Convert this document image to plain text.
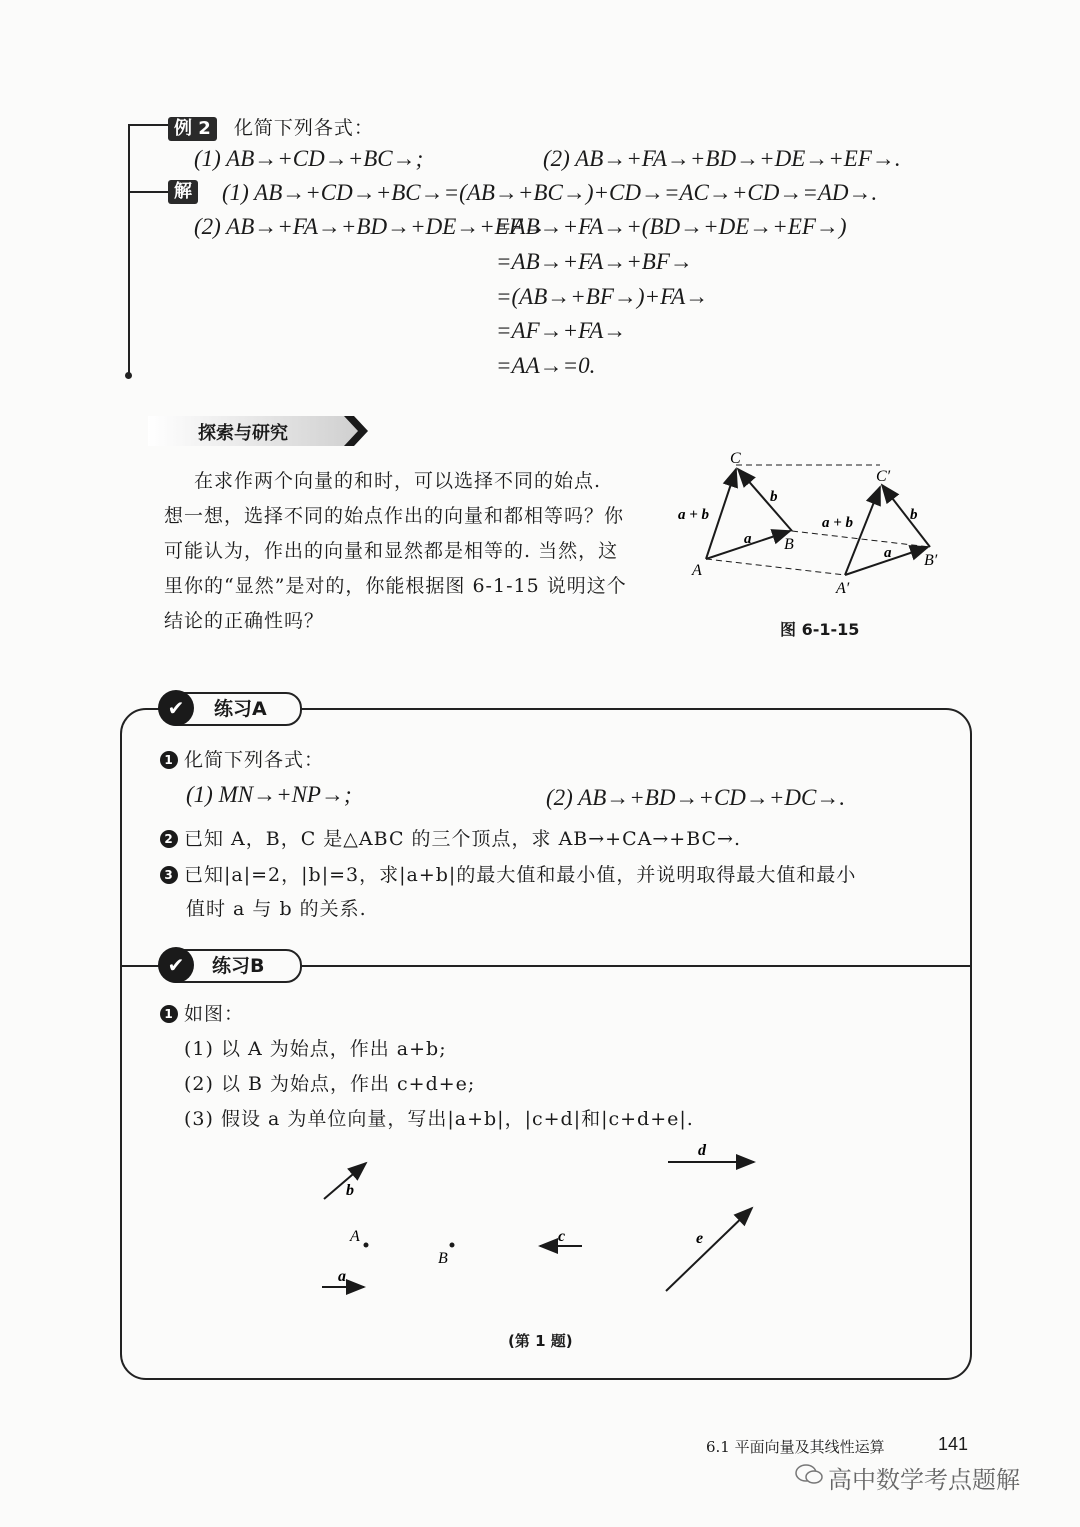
例 2 化简下列各式：
(1) AB→+CD→+BC→;	(2) AB→+FA→+BD→+DE→+EF→.
解 (1) AB→+CD→+BC→=(AB→+BC→)+CD→=AC→+CD→=AD→.
(2) AB→+FA→+BD→+DE→+EF→
=AB→+FA→+(BD→+DE→+EF→)
=AB→+FA→+BF→
=(AB→+BF→)+FA→
=AF→+FA→
=AA→=0.
探索与研究
在求作两个向量的和时，可以选择不同的始点.
想一想，选择不同的始点作出的向量和都相等吗？你
可能认为，作出的向量和显然都是相等的. 当然，这
里你的“显然”是对的，你能根据图 6-1-15 说明这个
结论的正确性吗？
C
C′
A
B
A′
B′
a
b
a + b
a
b
a + b
图 6-1-15
✔	练习A
1 化简下列各式：
(1) MN→+NP→;	(2) AB→+BD→+CD→+DC→.
2 已知 A，B，C 是△ABC 的三个顶点，求 AB→+CA→+BC→.
3 已知|a|=2，|b|=3，求|a+b|的最大值和最小值，并说明取得最大值和最小
值时 a 与 b 的关系.
✔	练习B
1 如图：
(1) 以 A 为始点，作出 a+b;
(2) 以 B 为始点，作出 c+d+e;
(3) 假设 a 为单位向量，写出|a+b|，|c+d|和|c+d+e|.
b
a
A
B
c
d
e
(第 1 题)
6.1 平面向量及其线性运算	141
高中数学考点题解
